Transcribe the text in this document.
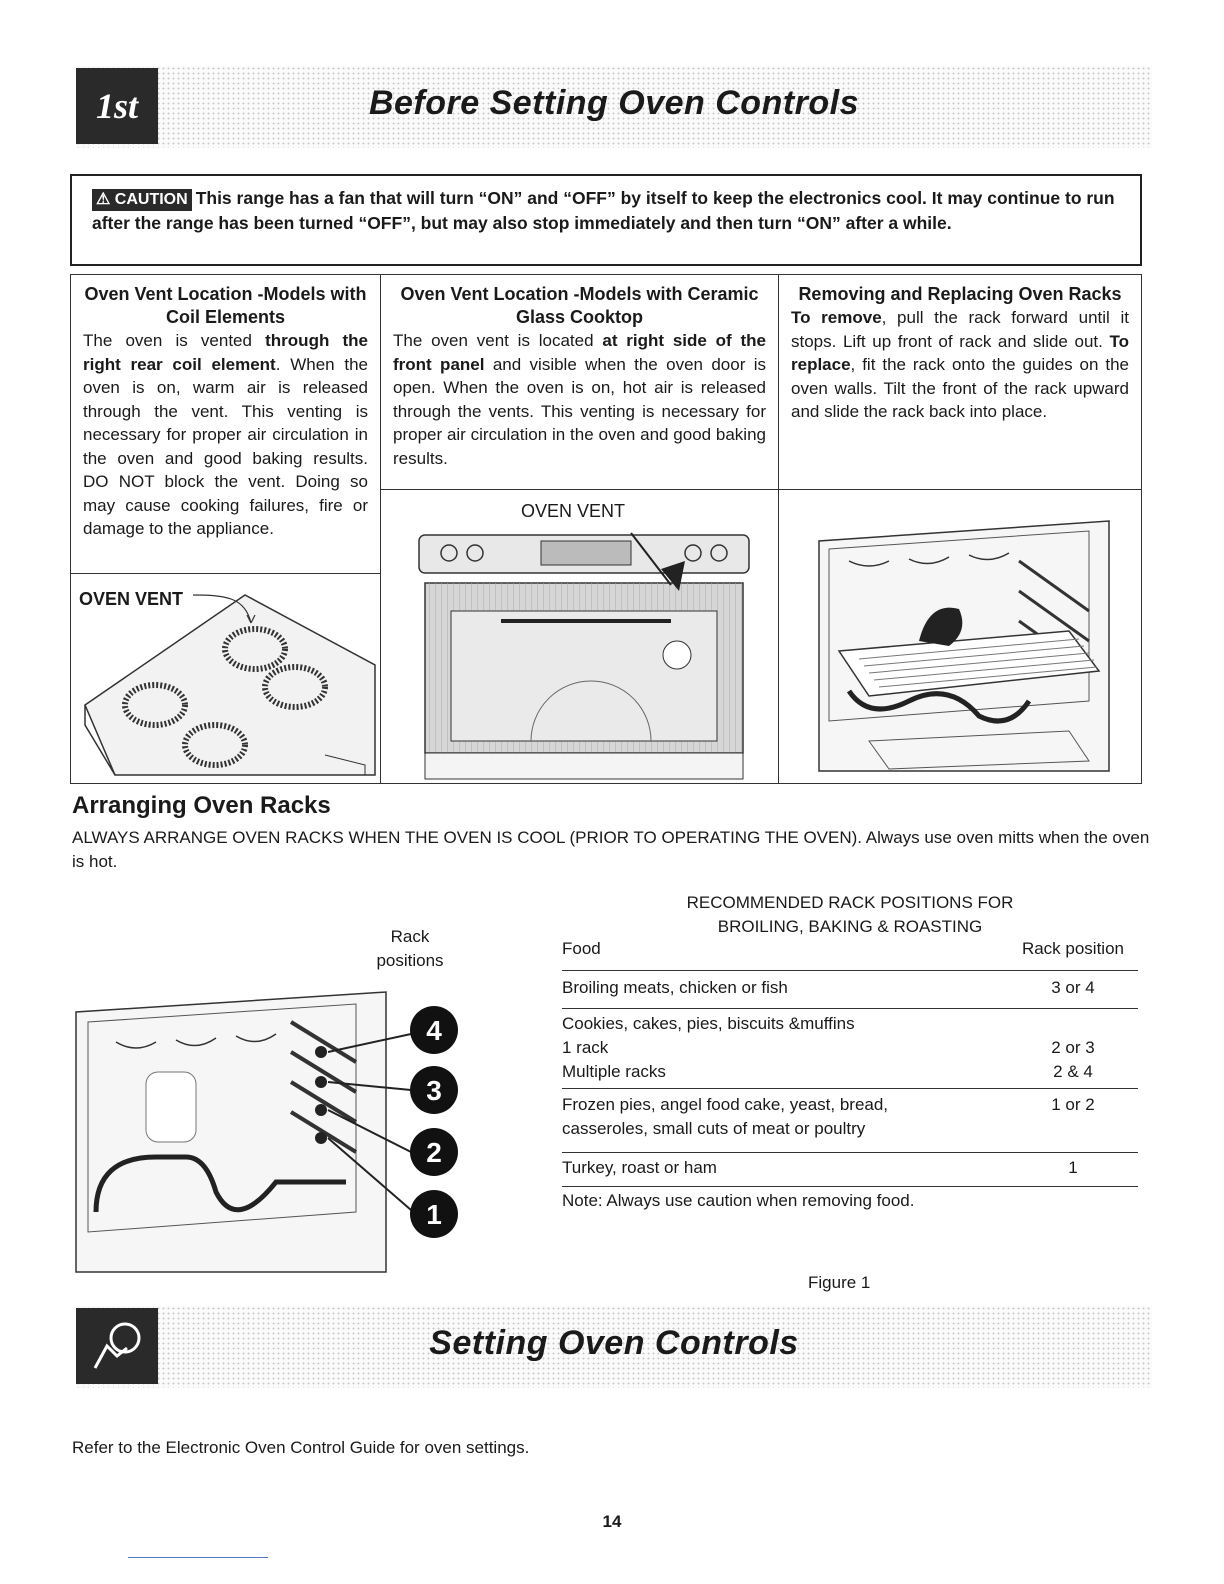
1st	Before Setting Oven Controls
⚠ CAUTION This range has a fan that will turn “ON” and “OFF” by itself to keep the electronics cool. It may continue to run after the range has been turned “OFF”, but may also stop immediately and then turn “ON” after a while.
Oven Vent Location -Models with Coil Elements
The oven is vented through the right rear coil element. When the oven is on, warm air is released through the vent. This venting is necessary for proper air circulation in the oven and good baking results. DO NOT block the vent. Doing so may cause cooking failures, fire or damage to the appliance.
OVEN VENT
Oven Vent Location -Models with Ceramic Glass Cooktop
The oven vent is located at right side of the front panel and visible when the oven door is open. When the oven is on, hot air is released through the vents. This venting is necessary for proper air circulation in the oven and good baking results.
OVEN VENT
Removing and Replacing Oven Racks
To remove, pull the rack forward until it stops. Lift up front of rack and slide out. To replace, fit the rack onto the guides on the oven walls. Tilt the front of the rack upward and slide the rack back into place.
Arranging Oven Racks
ALWAYS ARRANGE OVEN RACKS WHEN THE OVEN IS COOL (PRIOR TO OPERATING THE OVEN). Always use oven mitts when the oven is hot.
Rack
positions
4
3
2
1
RECOMMENDED RACK POSITIONS FOR
BROILING, BAKING & ROASTING
Food	Rack position
Broiling meats, chicken or fish	3 or 4
Cookies, cakes, pies, biscuits &muffins
1 rack	2 or 3
Multiple racks	2 & 4
Frozen pies, angel food cake, yeast, bread,	1 or 2
casseroles, small cuts of meat or poultry
Turkey, roast or ham	1
Note: Always use caution when removing food.
Figure 1
Setting Oven Controls
Refer to the Electronic Oven Control Guide for oven settings.
14
